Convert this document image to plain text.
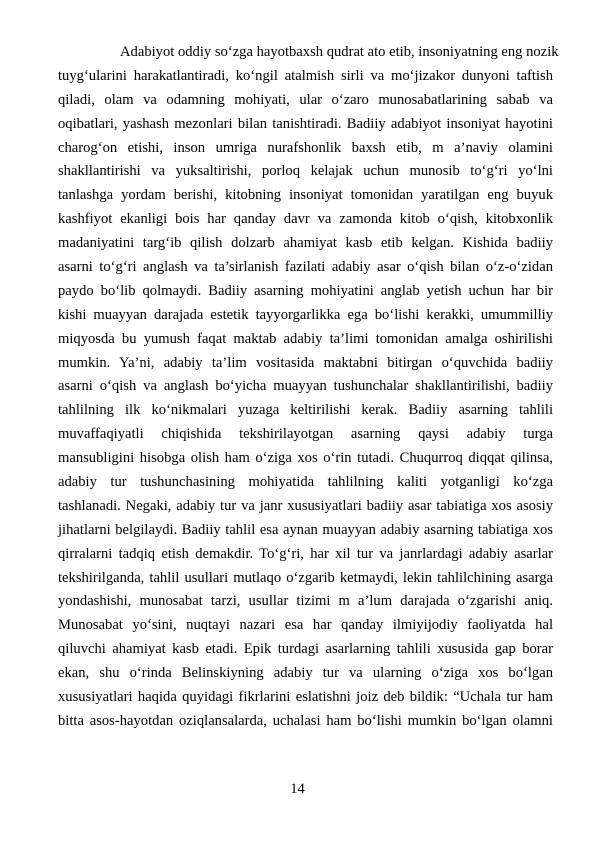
Adabiyot oddiy so‘zga hayotbaxsh qudrat ato etib, insoniyatning eng nozik
tuyg‘ularini harakatlantiradi, ko‘ngil atalmish sirli va mo‘jizakor dunyoni taftish
qiladi, olam va odamning mohiyati, ular o‘zaro munosabatlarining sabab va
oqibatlari, yashash mezonlari bilan tanishtiradi. Badiiy adabiyot insoniyat hayotini
charog‘on etishi, inson umriga nurafshonlik baxsh etib, m a’naviy olamini
shakllantirishi va yuksaltirishi, porloq kelajak uchun munosib to‘g‘ri yo‘lni
tanlashga yordam berishi, kitobning insoniyat tomonidan yaratilgan eng buyuk
kashfiyot ekanligi bois har qanday davr va zamonda kitob o‘qish, kitobxonlik
madaniyatini targ‘ib qilish dolzarb ahamiyat kasb etib kelgan. Kishida badiiy
asarni to‘g‘ri anglash va ta’sirlanish fazilati adabiy asar o‘qish bilan o‘z-o‘zidan
paydo bo‘lib qolmaydi. Badiiy asarning mohiyatini anglab yetish uchun har bir
kishi muayyan darajada estetik tayyorgarlikka ega bo‘lishi kerakki, umummilliy
miqyosda bu yumush faqat maktab adabiy ta’limi tomonidan amalga oshirilishi
mumkin. Ya’ni, adabiy ta’lim vositasida maktabni bitirgan o‘quvchida badiiy
asarni o‘qish va anglash bo‘yicha muayyan tushunchalar shakllantirilishi, badiiy
tahlilning ilk ko‘nikmalari yuzaga keltirilishi kerak. Badiiy asarning tahlili
muvaffaqiyatli chiqishida tekshirilayotgan asarning qaysi adabiy turga
mansubligini hisobga olish ham o‘ziga xos o‘rin tutadi. Chuqurroq diqqat qilinsa,
adabiy tur tushunchasining mohiyatida tahlilning kaliti yotganligi ko‘zga
tashlanadi. Negaki, adabiy tur va janr xususiyatlari badiiy asar tabiatiga xos asosiy
jihatlarni belgilaydi. Badiiy tahlil esa aynan muayyan adabiy asarning tabiatiga xos
qirralarni tadqiq etish demakdir. To‘g‘ri, har xil tur va janrlardagi adabiy asarlar
tekshirilganda, tahlil usullari mutlaqo o‘zgarib ketmaydi, lekin tahlilchining asarga
yondashishi, munosabat tarzi, usullar tizimi m a’lum darajada o‘zgarishi aniq.
Munosabat yo‘sini, nuqtayi nazari esa har qanday ilmiyijodiy faoliyatda hal
qiluvchi ahamiyat kasb etadi. Epik turdagi asarlarning tahlili xususida gap borar
ekan, shu o‘rinda Belinskiyning adabiy tur va ularning o‘ziga xos bo‘lgan
xususiyatlari haqida quyidagi fikrlarini eslatishni joiz deb bildik: “Uchala tur ham
bitta asos-hayotdan oziqlansalarda, uchalasi ham bo‘lishi mumkin bo‘lgan olamni
14
